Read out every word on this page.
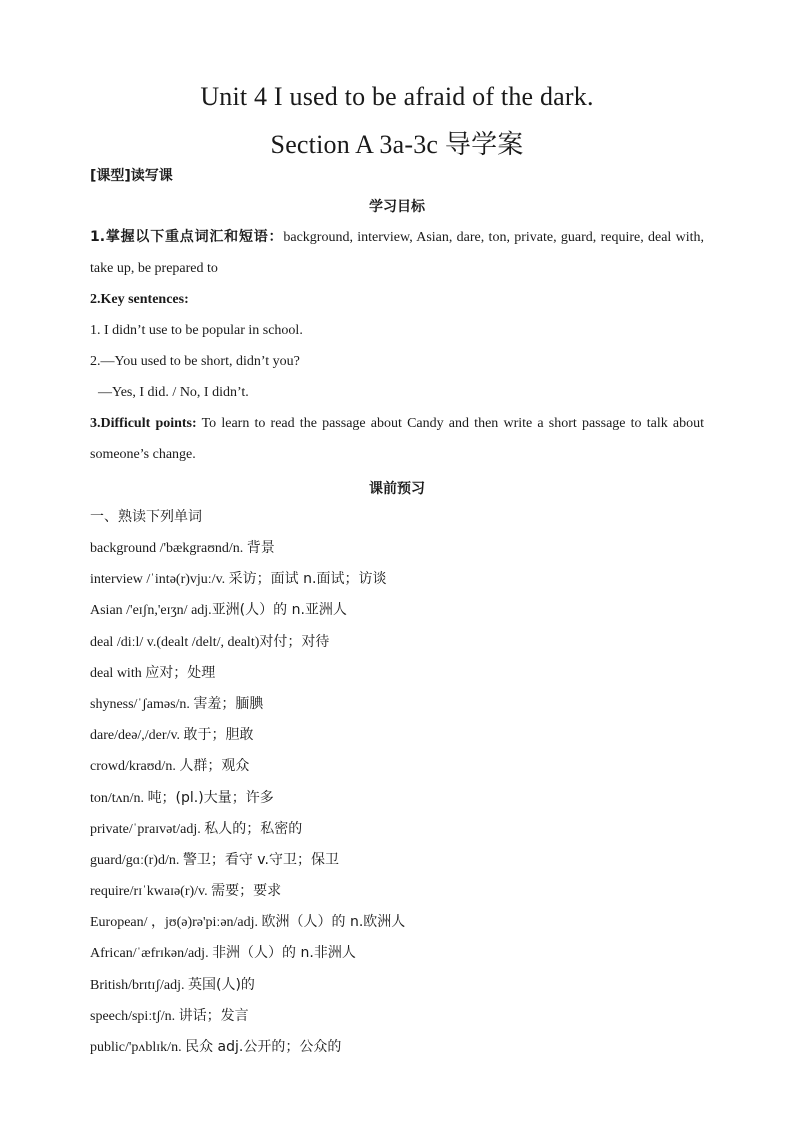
Unit 4 I used to be afraid of the dark.
Section A 3a-3c 导学案
[课型]读写课
学习目标
1.掌握以下重点词汇和短语：background, interview, Asian, dare, ton, private, guard, require, deal with, take up, be prepared to
2.Key sentences:
1. I didn’t use to be popular in school.
2.—You used to be short, didn’t you?
—Yes, I did. / No, I didn’t.
3.Difficult points: To learn to read the passage about Candy and then write a short passage to talk about someone’s change.
课前预习
一、熟读下列单词
background /'bækgraʊnd/n. 背景
interview /ˈintə(r)vjuː/v. 采访；面试 n.面试；访谈
Asian /'eɪʃn,'eɪʒn/ adj.亚洲(人）的 n.亚洲人
deal /diːl/ v.(dealt /delt/, dealt)对付；对待
deal with 应对；处理
shyness/ˈʃaməs/n. 害羞；腼腆
dare/deə/,/der/v. 敢于；胆敢
crowd/kraʊd/n. 人群；观众
ton/tʌn/n. 吨；(pl.)大量；许多
private/ˈpraɪvət/adj. 私人的；私密的
guard/gɑː(r)d/n. 警卫；看守 v.守卫；保卫
require/rɪˈkwaɪə(r)/v. 需要；要求
European/ ，jʊ(ə)rə'piːən/adj. 欧洲（人）的 n.欧洲人
African/ˈæfrɪkən/adj. 非洲（人）的 n.非洲人
British/brɪtɪʃ/adj. 英国(人)的
speech/spiːtʃ/n. 讲话；发言
public/'pʌblɪk/n. 民众 adj.公开的；公众的
